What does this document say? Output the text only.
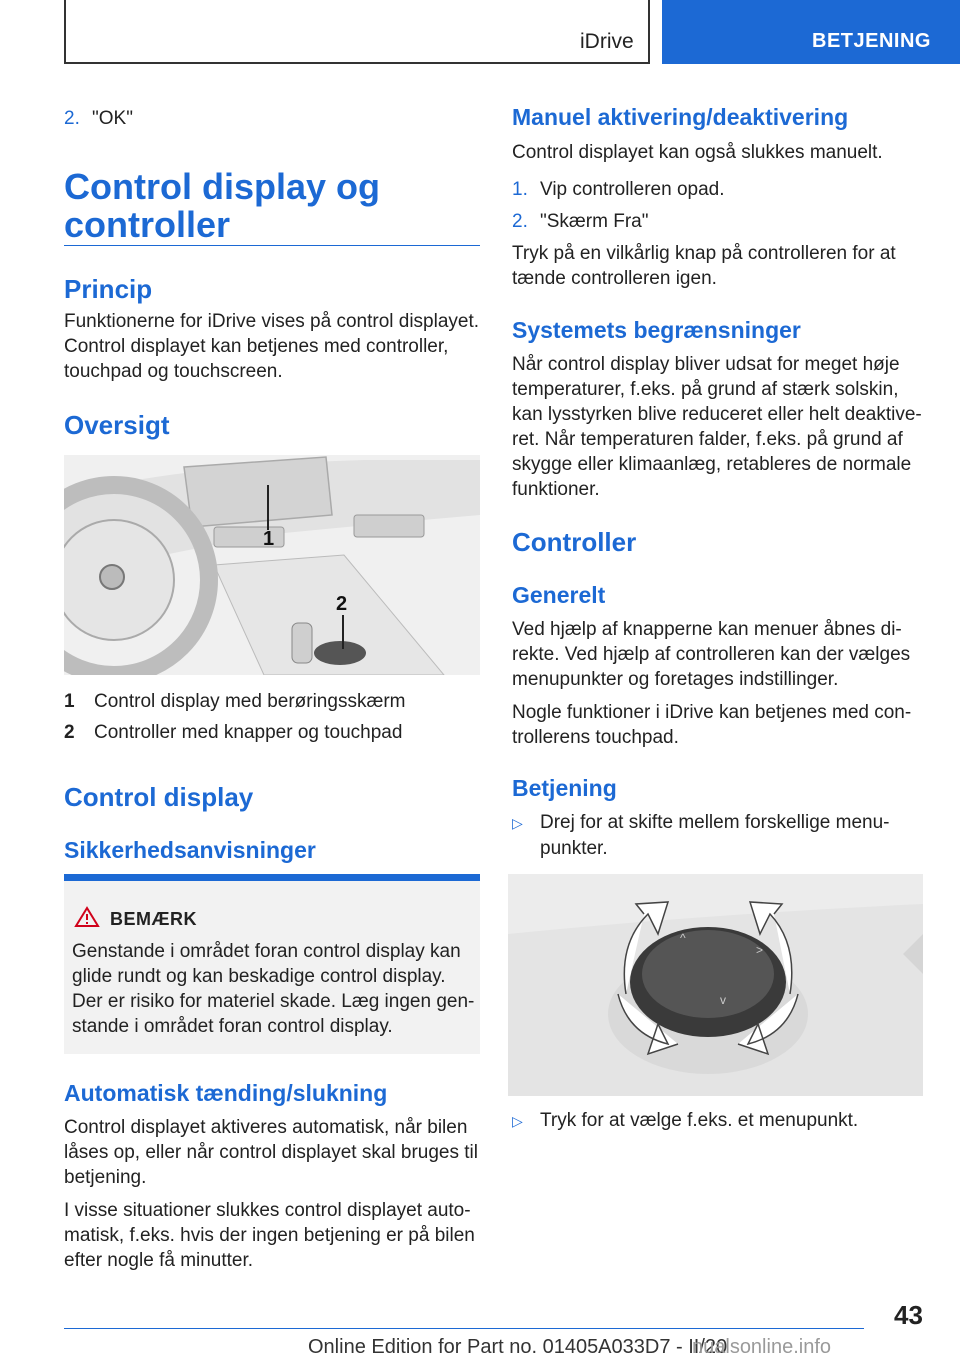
iDrive	BETJENING
2. "OK"
Control display og
controller
Princip
Funktionerne for iDrive vises på control displayet.
Control displayet kan betjenes med controller,
touchpad og touchscreen.
Oversigt
1
2
1 Control display med berøringsskærm
2 Controller med knapper og touchpad
Control display
Sikkerhedsanvisninger
BEMÆRK
Genstande i området foran control display kan
glide rundt og kan beskadige control display.
Der er risiko for materiel skade. Læg ingen gen-
stande i området foran control display.
Automatisk tænding/slukning
Control displayet aktiveres automatisk, når bilen
låses op, eller når control displayet skal bruges til
betjening.
I visse situationer slukkes control displayet auto-
matisk, f.eks. hvis der ingen betjening er på bilen
efter nogle få minutter.
Manuel aktivering/deaktivering
Control displayet kan også slukkes manuelt.
1. Vip controlleren opad.
2. "Skærm Fra"
Tryk på en vilkårlig knap på controlleren for at
tænde controlleren igen.
Systemets begrænsninger
Når control display bliver udsat for meget høje
temperaturer, f.eks. på grund af stærk solskin,
kan lysstyrken blive reduceret eller helt deaktive-
ret. Når temperaturen falder, f.eks. på grund af
skygge eller klimaanlæg, retableres de normale
funktioner.
Controller
Generelt
Ved hjælp af knapperne kan menuer åbnes di-
rekte. Ved hjælp af controlleren kan der vælges
menupunkter og foretages indstillinger.
Nogle funktioner i iDrive kan betjenes med con-
trollerens touchpad.
Betjening
▷ Drej for at skifte mellem forskellige menu-
punkter.
^
>
v
▷ Tryk for at vælge f.eks. et menupunkt.
43
Online Edition for Part no. 01405A033D7 - II/20
nualsonline.info
